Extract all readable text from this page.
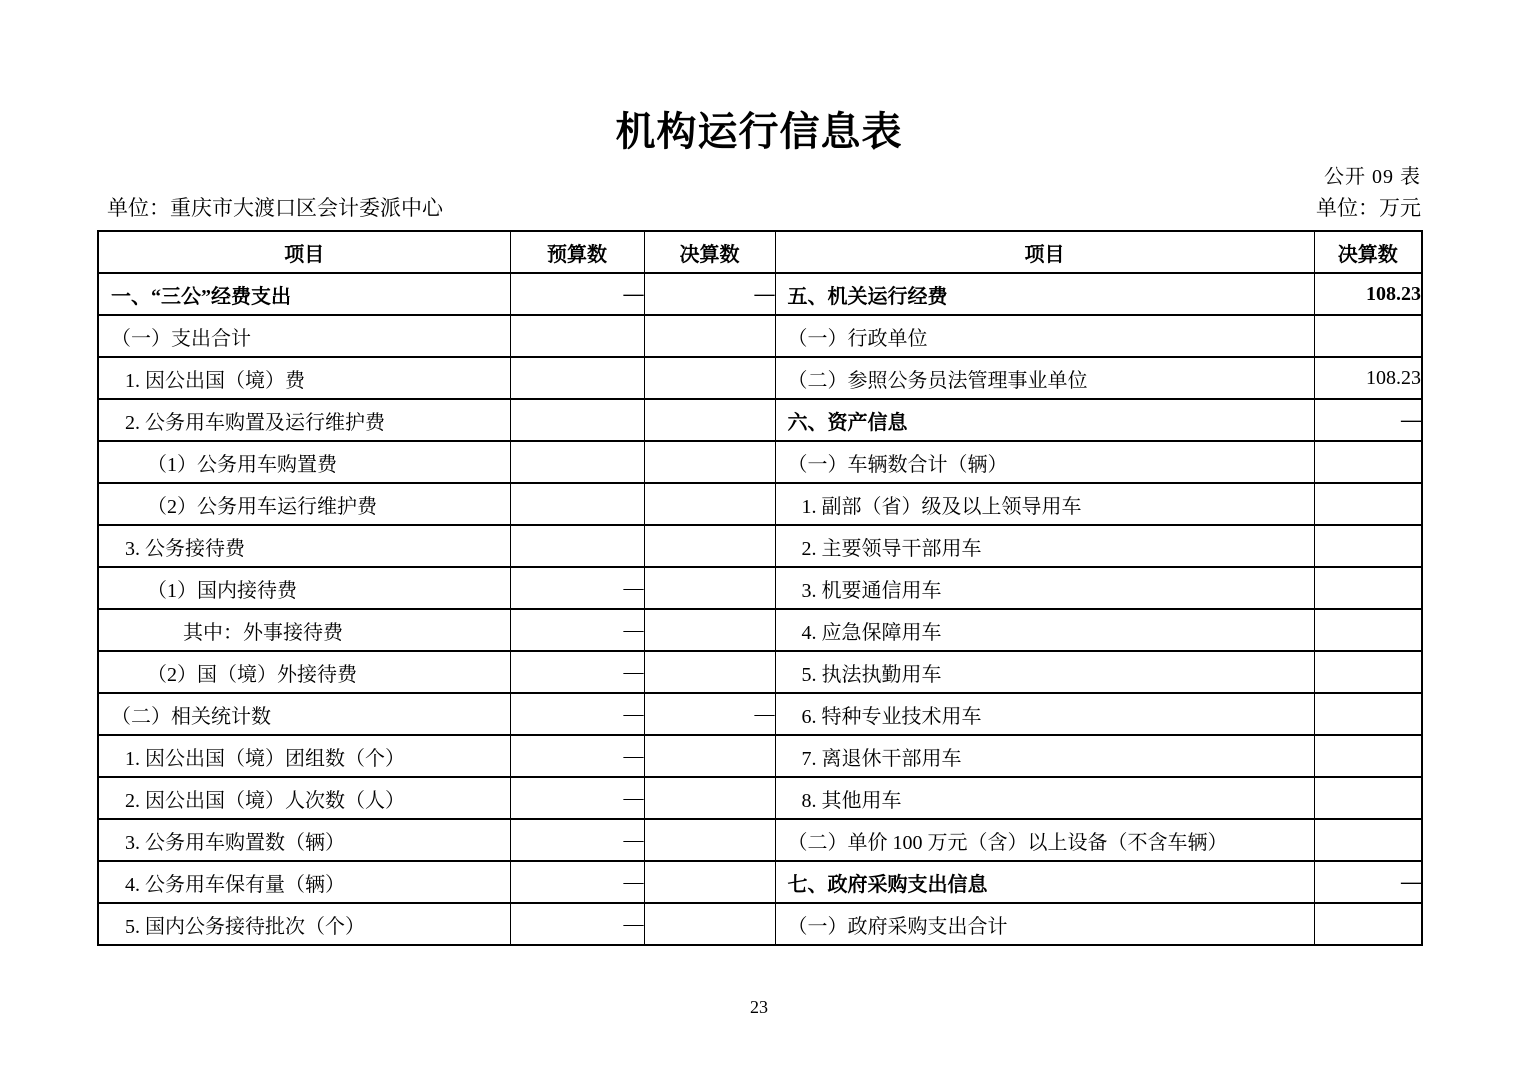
机构运行信息表
公开 09 表
单位：重庆市大渡口区会计委派中心	单位：万元
项目	预算数	决算数	项目	决算数
一、“三公”经费支出	—	—	五、机关运行经费	108.23
（一）支出合计			（一）行政单位	
1. 因公出国（境）费			（二）参照公务员法管理事业单位	108.23
2. 公务用车购置及运行维护费			六、资产信息	—
（1）公务用车购置费			（一）车辆数合计（辆）	
（2）公务用车运行维护费			1. 副部（省）级及以上领导用车	
3. 公务接待费			2. 主要领导干部用车	
（1）国内接待费	—		3. 机要通信用车	
其中：外事接待费	—		4. 应急保障用车	
（2）国（境）外接待费	—		5. 执法执勤用车	
（二）相关统计数	—	—	6. 特种专业技术用车	
1. 因公出国（境）团组数（个）	—		7. 离退休干部用车	
2. 因公出国（境）人次数（人）	—		8. 其他用车	
3. 公务用车购置数（辆）	—		（二）单价 100 万元（含）以上设备（不含车辆）	
4. 公务用车保有量（辆）	—		七、政府采购支出信息	—
5. 国内公务接待批次（个）	—		（一）政府采购支出合计	
23
